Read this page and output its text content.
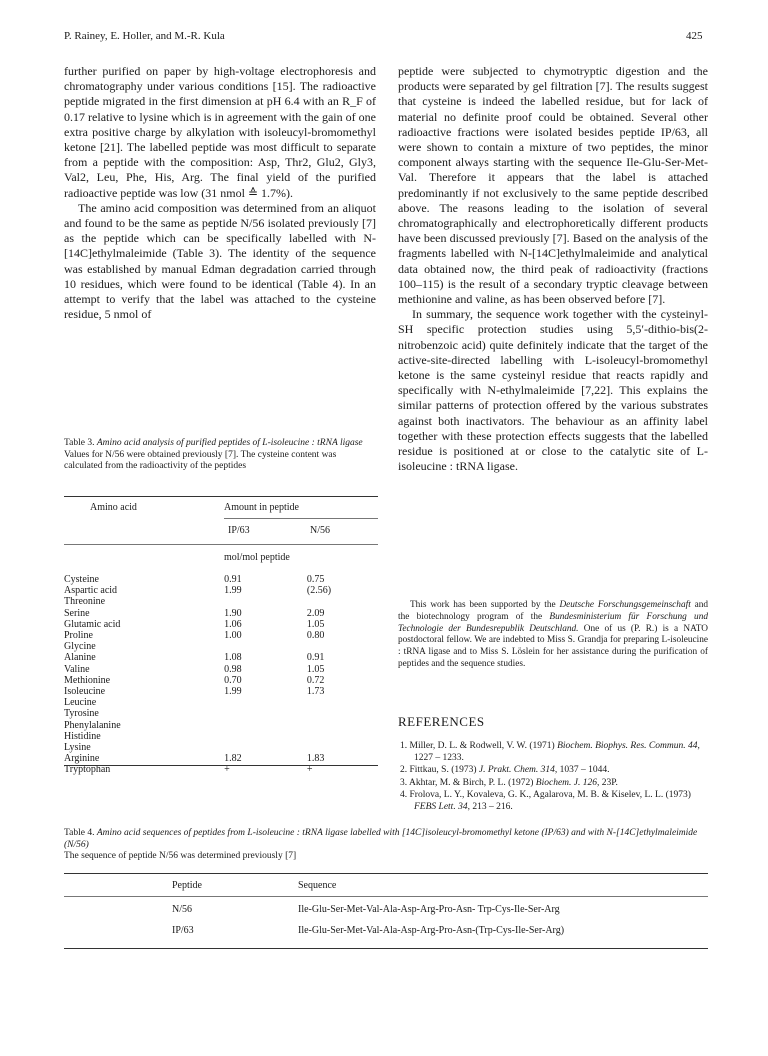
P. Rainey, E. Holler, and M.-R. Kula	425

further purified on paper by high-voltage electrophoresis and chromatography under various conditions [15]. The radioactive peptide migrated in the first dimension at pH 6.4 with an R_F of 0.17 relative to lysine which is in agreement with the gain of one extra positive charge by alkylation with isoleucyl-bromomethyl ketone [21]. The labelled peptide was most difficult to separate from a peptide with the composition: Asp, Thr2, Glu2, Gly3, Val2, Leu, Phe, His, Arg. The final yield of the purified radioactive peptide was low (31 nmol ≙ 1.7%).

The amino acid composition was determined from an aliquot and found to be the same as peptide N/56 isolated previously [7] as the peptide which can be specifically labelled with N-[14C]ethylmaleimide (Table 3). The identity of the sequence was established by manual Edman degradation carried through 10 residues, which were found to be identical (Table 4). In an attempt to verify that the label was attached to the cysteine residue, 5 nmol of

Table 3. Amino acid analysis of purified peptides of L-isoleucine : tRNA ligase
Values for N/56 were obtained previously [7]. The cysteine content was calculated from the radioactivity of the peptides
Amino acid	Amount in peptide
IP/63	N/56
mol/mol peptide
Cysteine	0.91	0.75
Aspartic acid	1.99	(2.56)
Threonine		
Serine	1.90	2.09
Glutamic acid	1.06	1.05
Proline	1.00	0.80
Glycine		
Alanine	1.08	0.91
Valine	0.98	1.05
Methionine	0.70	0.72
Isoleucine	1.99	1.73
Leucine		
Tyrosine		
Phenylalanine		
Histidine		
Lysine		
Arginine	1.82	1.83
Tryptophan	+	+

peptide were subjected to chymotryptic digestion and the products were separated by gel filtration [7]. The results suggest that cysteine is indeed the labelled residue, but for lack of material no definite proof could be obtained. Several other radioactive fractions were isolated besides peptide IP/63, all were shown to contain a mixture of two peptides, the minor component always starting with the sequence Ile-Glu-Ser-Met-Val. Therefore it appears that the label is attached predominantly if not exclusively to the same peptide described above. The reasons leading to the isolation of several chromatographically and electrophoretically different products have been discussed previously [7]. Based on the analysis of the fragments labelled with N-[14C]ethylmaleimide and analytical data obtained now, the third peak of radioactivity (fractions 100–115) is the result of a secondary tryptic cleavage between methionine and valine, as has been observed before [7].

In summary, the sequence work together with the cysteinyl-SH specific protection studies using 5,5′-dithio-bis(2-nitrobenzoic acid) quite definitely indicate that the target of the active-site-directed labelling with L-isoleucyl-bromomethyl ketone is the same cysteinyl residue that reacts rapidly and specifically with N-ethylmaleimide [7,22]. This explains the similar patterns of protection offered by the various substrates against both inactivators. The behaviour as an affinity label together with these protection effects suggests that the labelled residue is positioned at or close to the catalytic site of L-isoleucine : tRNA ligase.

This work has been supported by the Deutsche Forschungsgemeinschaft and the biotechnology program of the Bundesministerium für Forschung und Technologie der Bundesrepublik Deutschland. One of us (P. R.) is a NATO postdoctoral fellow. We are indebted to Miss S. Grandja for preparing L-isoleucine : tRNA ligase and to Miss S. Löslein for her assistance during the purification of peptides and the sequence studies.
REFERENCES
1. Miller, D. L. & Rodwell, V. W. (1971) Biochem. Biophys. Res. Commun. 44, 1227 – 1233.
2. Fittkau, S. (1973) J. Prakt. Chem. 314, 1037 – 1044.
3. Akhtar, M. & Birch, P. L. (1972) Biochem. J. 126, 23P.
4. Frolova, L. Y., Kovaleva, G. K., Agalarova, M. B. & Kiselev, L. L. (1973) FEBS Lett. 34, 213 – 216.
Table 4. Amino acid sequences of peptides from L-isoleucine : tRNA ligase labelled with [14C]isoleucyl-bromomethyl ketone (IP/63) and with N-[14C]ethylmaleimide (N/56)
The sequence of peptide N/56 was determined previously [7]
Peptide	Sequence
N/56	Ile-Glu-Ser-Met-Val-Ala-Asp-Arg-Pro-Asn- Trp-Cys-Ile-Ser-Arg
IP/63	Ile-Glu-Ser-Met-Val-Ala-Asp-Arg-Pro-Asn-(Trp-Cys-Ile-Ser-Arg)
